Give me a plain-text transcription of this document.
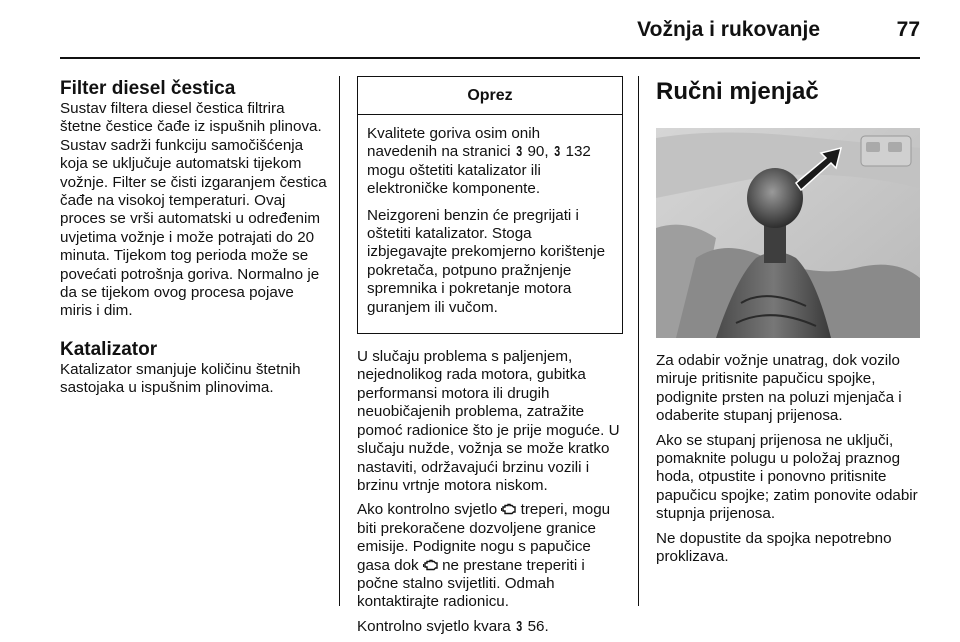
Vožnja i rukovanje	77
Filter diesel čestica

Sustav filtera diesel čestica filtrira štetne čestice čađe iz ispušnih plinova. Sustav sadrži funkciju samočišćenja koja se uključuje automatski tijekom vožnje. Filter se čisti izgaranjem čestica čađe na visokoj temperaturi. Ovaj proces se vrši automatski u određenim uvjetima vožnje i može potrajati do 20 minuta. Tijekom tog perioda može se povećati potrošnja goriva. Normalno je da se tijekom ovog procesa pojave miris i dim.

Katalizator

Katalizator smanjuje količinu štetnih sastojaka u ispušnim plinovima.

Oprez

Kvalitete goriva osim onih navedenih na stranici 3 90, 3 132 mogu oštetiti katalizator ili elektroničke komponente.

Neizgoreni benzin će pregrijati i oštetiti katalizator. Stoga izbjegavajte prekomjerno korištenje pokretača, potpuno pražnjenje spremnika i pokretanje motora guranjem ili vučom.

U slučaju problema s paljenjem, nejednolikog rada motora, gubitka performansi motora ili drugih neuobičajenih problema, zatražite pomoć radionice što je prije moguće. U slučaju nužde, vožnja se može kratko nastaviti, održavajući brzinu vozili i brzinu vrtnje motora niskom.

Ako kontrolno svjetlo treperi, mogu biti prekoračene dozvoljene granice emisije. Podignite nogu s papučice gasa dok ne prestane treperiti i počne stalno svijetliti. Odmah kontaktirajte radionicu.

Kontrolno svjetlo kvara 3 56.

Ručni mjenjač

Za odabir vožnje unatrag, dok vozilo miruje pritisnite papučicu spojke, podignite prsten na poluzi mjenjača i odaberite stupanj prijenosa.

Ako se stupanj prijenosa ne uključi, pomaknite polugu u položaj praznog hoda, otpustite i ponovno pritisnite papučicu spojke; zatim ponovite odabir stupnja prijenosa.

Ne dopustite da spojka nepotrebno proklizava.
